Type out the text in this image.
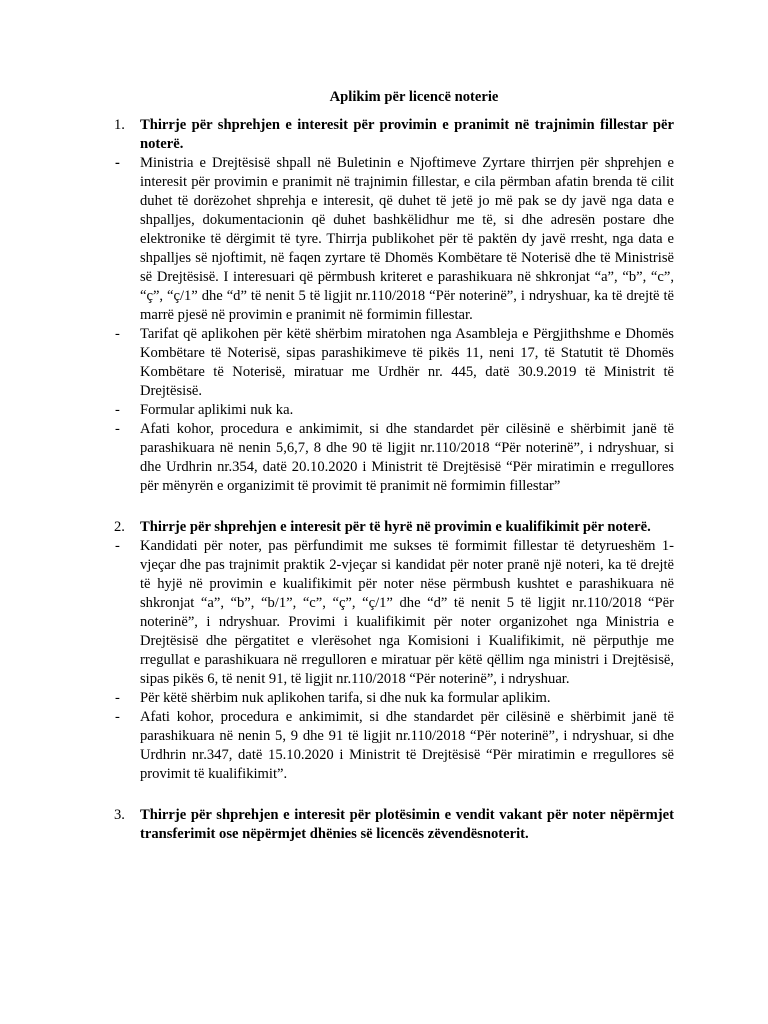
Aplikim për licencë noterie

1. Thirrje për shprehjen e interesit për provimin e pranimit në trajnimin fillestar për noterë.

- Ministria e Drejtësisë shpall në Buletinin e Njoftimeve Zyrtare thirrjen për shprehjen e interesit për provimin e pranimit në trajnimin fillestar, e cila përmban afatin brenda të cilit duhet të dorëzohet shprehja e interesit, që duhet të jetë jo më pak se dy javë nga data e shpalljes, dokumentacionin që duhet bashkëlidhur me të, si dhe adresën postare dhe elektronike të dërgimit të tyre. Thirrja publikohet për të paktën dy javë rresht, nga data e shpalljes së njoftimit, në faqen zyrtare të Dhomës Kombëtare të Noterisë dhe të Ministrisë së Drejtësisë. I interesuari që përmbush kriteret e parashikuara në shkronjat “a”, “b”, “c”, “ç”, “ç/1” dhe “d” të nenit 5 të ligjit nr.110/2018 “Për noterinë”, i ndryshuar, ka të drejtë të marrë pjesë në provimin e pranimit në formimin fillestar.

- Tarifat që aplikohen për këtë shërbim miratohen nga Asambleja e Përgjithshme e Dhomës Kombëtare të Noterisë, sipas parashikimeve të pikës 11, neni 17, të Statutit të Dhomës Kombëtare të Noterisë, miratuar me Urdhër nr. 445, datë 30.9.2019 të Ministrit të Drejtësisë.

- Formular aplikimi nuk ka.

- Afati kohor, procedura e ankimimit, si dhe standardet për cilësinë e shërbimit janë të parashikuara në nenin 5,6,7, 8 dhe 90 të ligjit nr.110/2018 “Për noterinë”, i ndryshuar, si dhe Urdhrin nr.354, datë 20.10.2020 i Ministrit të Drejtësisë “Për miratimin e rregullores për mënyrën e organizimit të provimit të pranimit në formimin fillestar”

2. Thirrje për shprehjen e interesit për të hyrë në provimin e kualifikimit për noterë.

- Kandidati për noter, pas përfundimit me sukses të formimit fillestar të detyrueshëm 1-vjeçar dhe pas trajnimit praktik 2-vjeçar si kandidat për noter pranë një noteri, ka të drejtë të hyjë në provimin e kualifikimit për noter nëse përmbush kushtet e parashikuara në shkronjat “a”, “b”, “b/1”, “c”, “ç”, “ç/1” dhe “d” të nenit 5 të ligjit nr.110/2018 “Për noterinë”, i ndryshuar. Provimi i kualifikimit për noter organizohet nga Ministria e Drejtësisë dhe përgatitet e vlerësohet nga Komisioni i Kualifikimit, në përputhje me rregullat e parashikuara në rregulloren e miratuar për këtë qëllim nga ministri i Drejtësisë, sipas pikës 6, të nenit 91, të ligjit nr.110/2018 “Për noterinë”, i ndryshuar.

- Për këtë shërbim nuk aplikohen tarifa, si dhe nuk ka formular aplikim.

- Afati kohor, procedura e ankimimit, si dhe standardet për cilësinë e shërbimit janë të parashikuara në nenin 5, 9 dhe 91 të ligjit nr.110/2018 “Për noterinë”, i ndryshuar, si dhe Urdhrin nr.347, datë 15.10.2020 i Ministrit të Drejtësisë “Për miratimin e rregullores së provimit të kualifikimit”.

3. Thirrje për shprehjen e interesit për plotësimin e vendit vakant për noter nëpërmjet transferimit ose nëpërmjet dhënies së licencës zëvendësnoterit.
